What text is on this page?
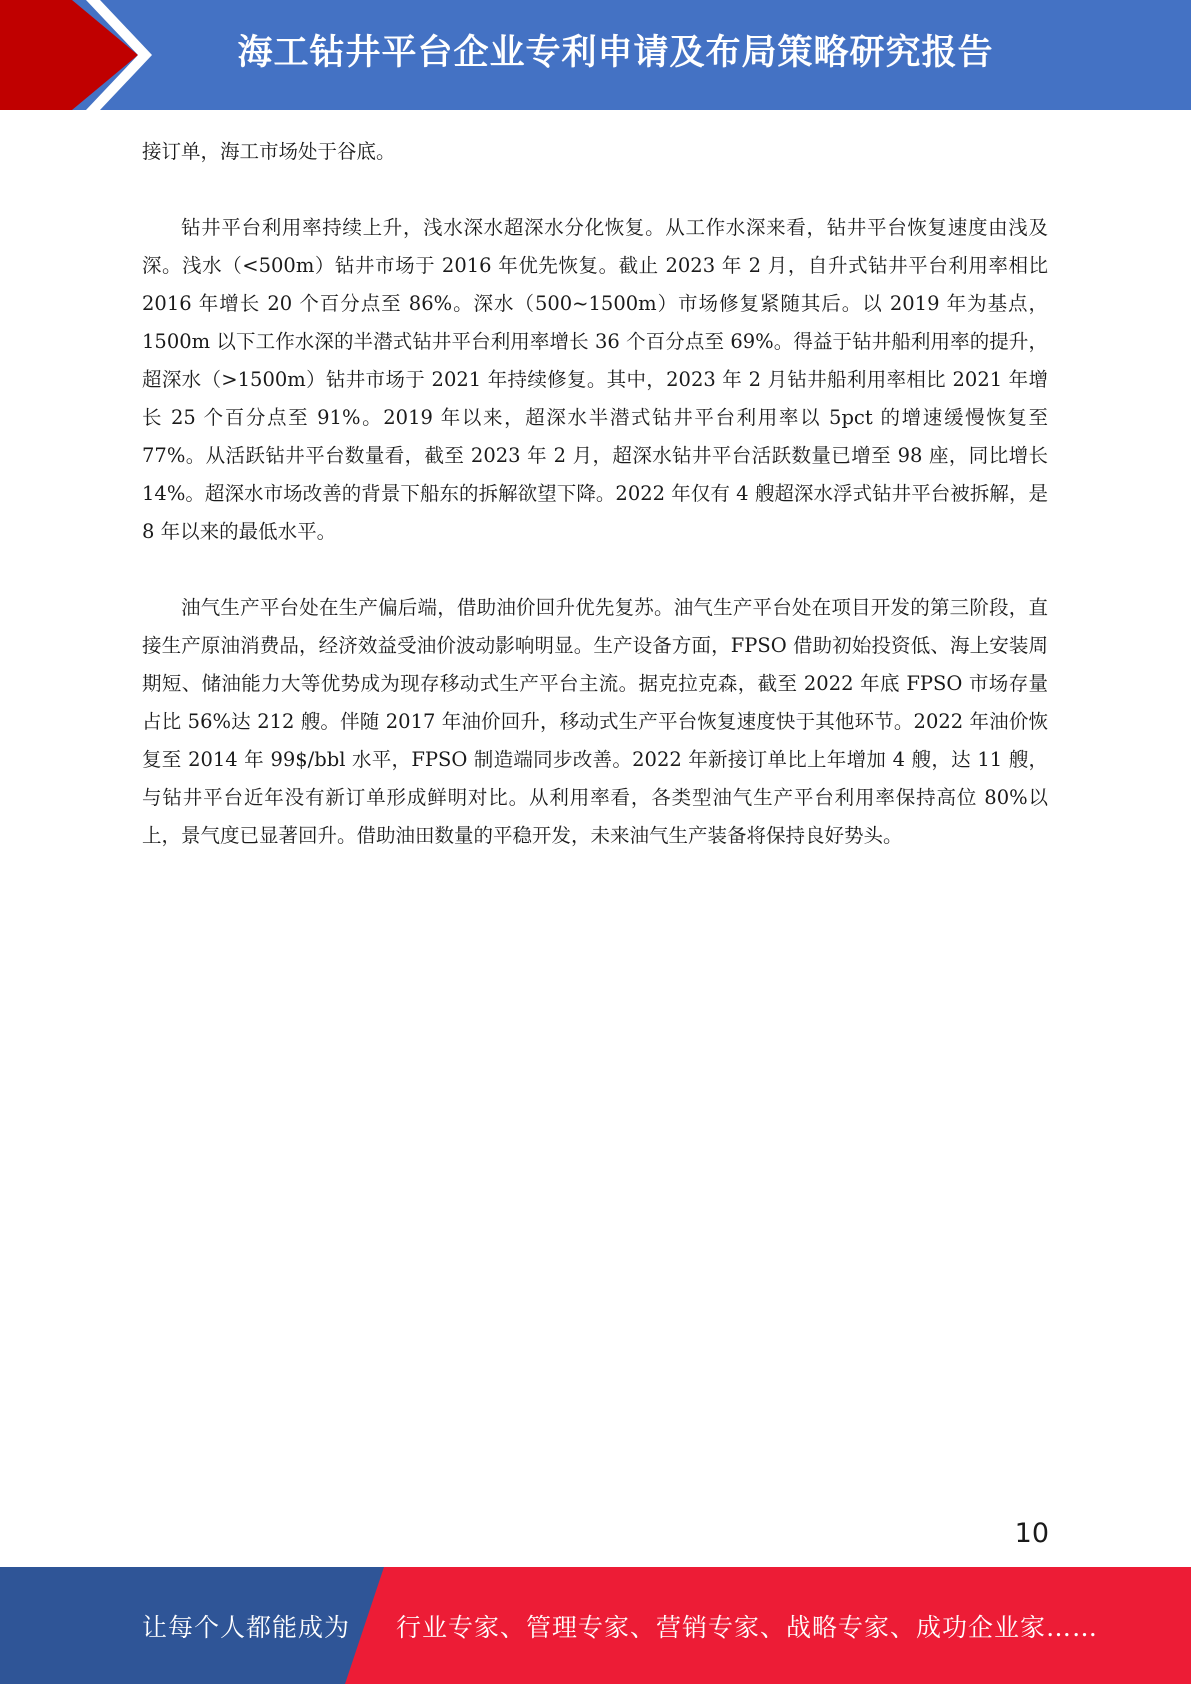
海工钻井平台企业专利申请及布局策略研究报告

接订单，海工市场处于谷底。

钻井平台利用率持续上升，浅水深水超深水分化恢复。从工作水深来看，钻井平台恢复速度由浅及深。浅水（<500m）钻井市场于 2016 年优先恢复。截止 2023 年 2 月，自升式钻井平台利用率相比 2016 年增长 20 个百分点至 86%。深水（500~1500m）市场修复紧随其后。以 2019 年为基点，1500m 以下工作水深的半潜式钻井平台利用率增长 36 个百分点至 69%。得益于钻井船利用率的提升，超深水（>1500m）钻井市场于 2021 年持续修复。其中，2023 年 2 月钻井船利用率相比 2021 年增长 25 个百分点至 91%。2019 年以来，超深水半潜式钻井平台利用率以 5pct 的增速缓慢恢复至 77%。从活跃钻井平台数量看，截至 2023 年 2 月，超深水钻井平台活跃数量已增至 98 座，同比增长 14%。超深水市场改善的背景下船东的拆解欲望下降。2022 年仅有 4 艘超深水浮式钻井平台被拆解，是 8 年以来的最低水平。

油气生产平台处在生产偏后端，借助油价回升优先复苏。油气生产平台处在项目开发的第三阶段，直接生产原油消费品，经济效益受油价波动影响明显。生产设备方面，FPSO 借助初始投资低、海上安装周期短、储油能力大等优势成为现存移动式生产平台主流。据克拉克森，截至 2022 年底 FPSO 市场存量占比 56%达 212 艘。伴随 2017 年油价回升，移动式生产平台恢复速度快于其他环节。2022 年油价恢复至 2014 年 99$/bbl 水平，FPSO 制造端同步改善。2022 年新接订单比上年增加 4 艘，达 11 艘，与钻井平台近年没有新订单形成鲜明对比。从利用率看，各类型油气生产平台利用率保持高位 80%以上，景气度已显著回升。借助油田数量的平稳开发，未来油气生产装备将保持良好势头。

10
让每个人都能成为 行业专家、管理专家、营销专家、战略专家、成功企业家……
